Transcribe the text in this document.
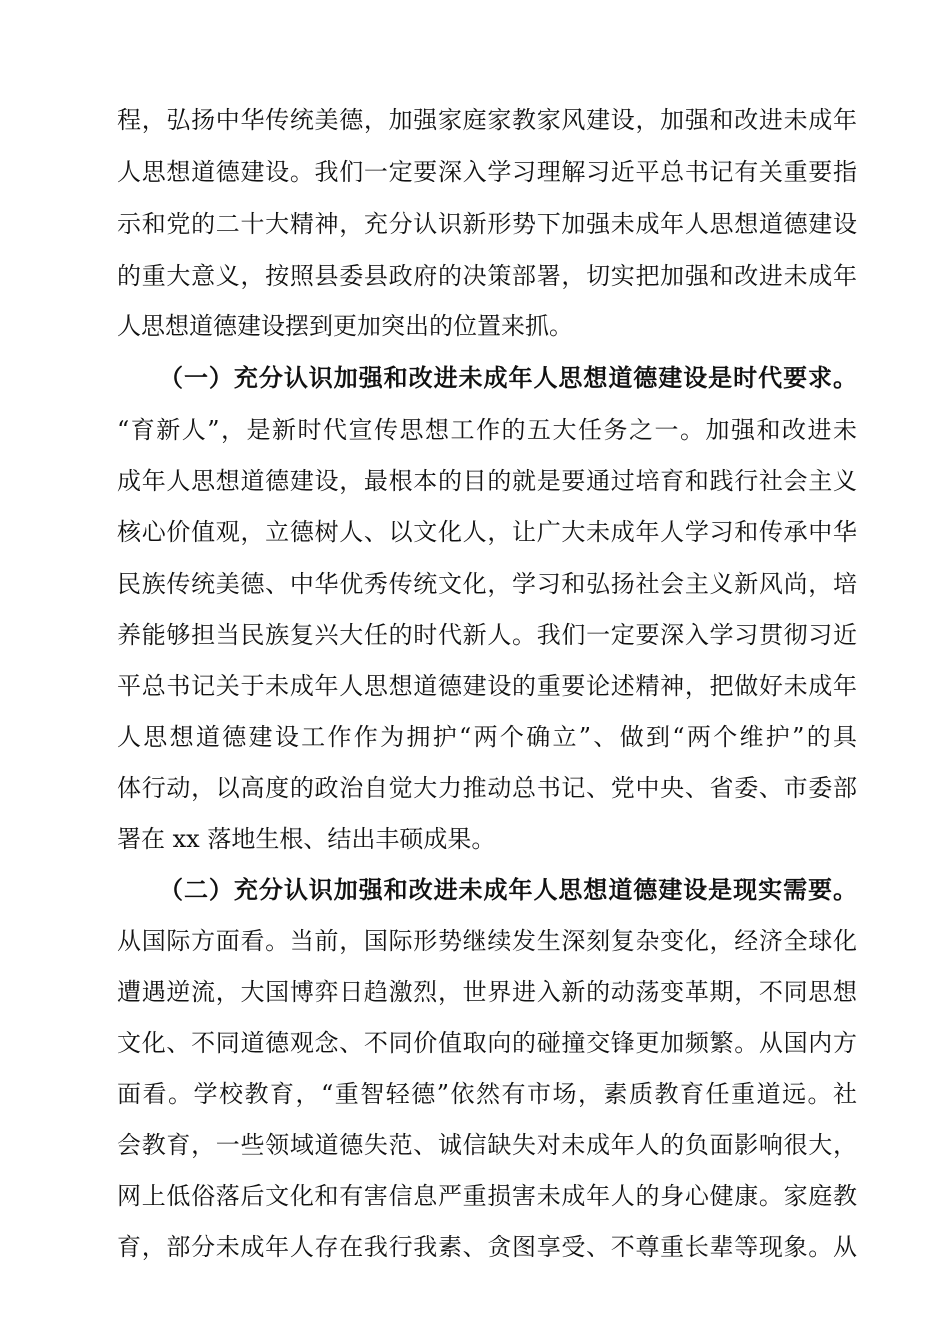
程，弘扬中华传统美德，加强家庭家教家风建设，加强和改进未成年
人思想道德建设。我们一定要深入学习理解习近平总书记有关重要指
示和党的二十大精神，充分认识新形势下加强未成年人思想道德建设
的重大意义，按照县委县政府的决策部署，切实把加强和改进未成年
人思想道德建设摆到更加突出的位置来抓。
（一）充分认识加强和改进未成年人思想道德建设是时代要求。
“育新人”，是新时代宣传思想工作的五大任务之一。加强和改进未
成年人思想道德建设，最根本的目的就是要通过培育和践行社会主义
核心价值观，立德树人、以文化人，让广大未成年人学习和传承中华
民族传统美德、中华优秀传统文化，学习和弘扬社会主义新风尚，培
养能够担当民族复兴大任的时代新人。我们一定要深入学习贯彻习近
平总书记关于未成年人思想道德建设的重要论述精神，把做好未成年
人思想道德建设工作作为拥护“两个确立”、做到“两个维护”的具
体行动，以高度的政治自觉大力推动总书记、党中央、省委、市委部
署在 xx 落地生根、结出丰硕成果。
（二）充分认识加强和改进未成年人思想道德建设是现实需要。
从国际方面看。当前，国际形势继续发生深刻复杂变化，经济全球化
遭遇逆流，大国博弈日趋激烈，世界进入新的动荡变革期，不同思想
文化、不同道德观念、不同价值取向的碰撞交锋更加频繁。从国内方
面看。学校教育，“重智轻德”依然有市场，素质教育任重道远。社
会教育，一些领域道德失范、诚信缺失对未成年人的负面影响很大，
网上低俗落后文化和有害信息严重损害未成年人的身心健康。家庭教
育，部分未成年人存在我行我素、贪图享受、不尊重长辈等现象。从
